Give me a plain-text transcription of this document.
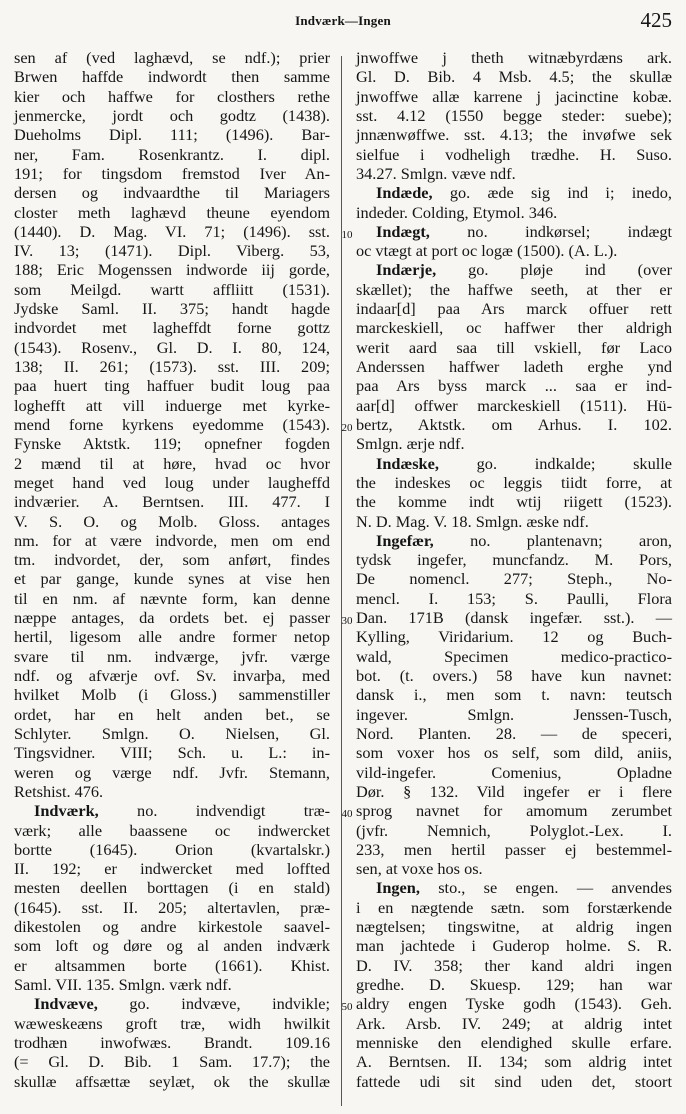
Indværk—Ingen	425
sen af (ved laghævd, se ndf.); prier
Brwen haffde indwordt then samme
kier och haffwe for closthers rethe
jenmercke, jordt och godtz (1438).
Dueholms Dipl. 111; (1496). Bar-
ner, Fam. Rosenkrantz. I. dipl.
191; for tingsdom fremstod Iver An-
dersen og indvaardthe til Mariagers
closter meth laghævd theune eyendom
(1440). D. Mag. VI. 71; (1496). sst.
IV. 13; (1471). Dipl. Viberg. 53,
188; Eric Mogenssen indworde iij gorde,
som Meilgd. wartt affliitt (1531).
Jydske Saml. II. 375; handt hagde
indvordet met lagheffdt forne gottz
(1543). Rosenv., Gl. D. I. 80, 124,
138; II. 261; (1573). sst. III. 209;
paa huert ting haffuer budit loug paa
loghefft att vill induerge met kyrke-
mend forne kyrkens eyedomme (1543).
Fynske Aktstk. 119; opnefner fogden
2 mænd til at høre, hvad oc hvor
meget hand ved loug under laugheffd
indværier. A. Berntsen. III. 477. I
V. S. O. og Molb. Gloss. antages
nm. for at være indvorde, men om end
tm. indvordet, der, som anført, findes
et par gange, kunde synes at vise hen
til en nm. af nævnte form, kan denne
næppe antages, da ordets bet. ej passer
hertil, ligesom alle andre former netop
svare til nm. indværge, jvfr. værge
ndf. og afværje ovf. Sv. invarþa, med
hvilket Molb (i Gloss.) sammenstiller
ordet, har en helt anden bet., se
Schlyter. Smlgn. O. Nielsen, Gl.
Tingsvidner. VIII; Sch. u. L.: in-
weren og værge ndf. Jvfr. Stemann,
Retshist. 476.
Indværk, no. indvendigt træ-
værk; alle baassene oc indwercket
bortte (1645). Orion (kvartalskr.)
II. 192; er indwercket med loffted
mesten deellen borttagen (i en stald)
(1645). sst. II. 205; altertavlen, præ-
dikestolen og andre kirkestole saavel-
som loft og døre og al anden indværk
er altsammen borte (1661). Khist.
Saml. VII. 135. Smlgn. værk ndf.
Indvæve, go. indvæve, indvikle;
wæweskeæns groft træ, widh hwilkit
trodhæn inwofwæs. Brandt. 109.16
(= Gl. D. Bib. 1 Sam. 17.7); the
skullæ affsættæ seylæt, ok the skullæ
jnwoffwe j theth witnæbyrdæns ark.
Gl. D. Bib. 4 Msb. 4.5; the skullæ
jnwoffwe allæ karrene j jacinctine kobæ.
sst. 4.12 (1550 begge steder: suebe);
jnnænwøffwe. sst. 4.13; the invøfwe sek
sielfue i vodheligh trædhe. H. Suso.
34.27. Smlgn. væve ndf.
Indæde, go. æde sig ind i; inedo,
indeder. Colding, Etymol. 346.
Indægt, no. indkørsel; indægt
oc vtægt at port oc logæ (1500). (A. L.).
Indærje, go. pløje ind (over
skællet); the haffwe seeth, at ther er
indaar[d] paa Ars marck offuer rett
marckeskiell, oc haffwer ther aldrigh
werit aard saa till vskiell, før Laco
Anderssen haffwer ladeth erghe ynd
paa Ars byss marck ... saa er ind-
aar[d] offwer marckeskiell (1511). Hü-
bertz, Aktstk. om Arhus. I. 102.
Smlgn. ærje ndf.
Indæske, go. indkalde; skulle
the indeskes oc leggis tiidt forre, at
the komme indt wtij riigett (1523).
N. D. Mag. V. 18. Smlgn. æske ndf.
Ingefær, no. plantenavn; aron,
tydsk ingefer, muncfandz. M. Pors,
De nomencl. 277; Steph., No-
mencl. I. 153; S. Paulli, Flora
Dan. 171B (dansk ingefær. sst.). —
Kylling, Viridarium. 12 og Buch-
wald, Specimen medico-practico-
bot. (t. overs.) 58 have kun navnet:
dansk i., men som t. navn: teutsch
ingever. Smlgn. Jenssen-Tusch,
Nord. Planten. 28. — de speceri,
som voxer hos os self, som dild, aniis,
vild-ingefer. Comenius, Opladne
Dør. § 132. Vild ingefer er i flere
sprog navnet for amomum zerumbet
(jvfr. Nemnich, Polyglot.-Lex. I.
233, men hertil passer ej bestemmel-
sen, at voxe hos os.
Ingen, sto., se engen. — anvendes
i en nægtende sætn. som forstærkende
nægtelsen; tingswitne, at aldrig ingen
man jachtede i Guderop holme. S. R.
D. IV. 358; ther kand aldri ingen
gredhe. D. Skuesp. 129; han war
aldry engen Tyske godh (1543). Geh.
Ark. Arsb. IV. 249; at aldrig intet
menniske den elendighed skulle erfare.
A. Berntsen. II. 134; som aldrig intet
fattede udi sit sind uden det, stoort
10
20
30
40
50
